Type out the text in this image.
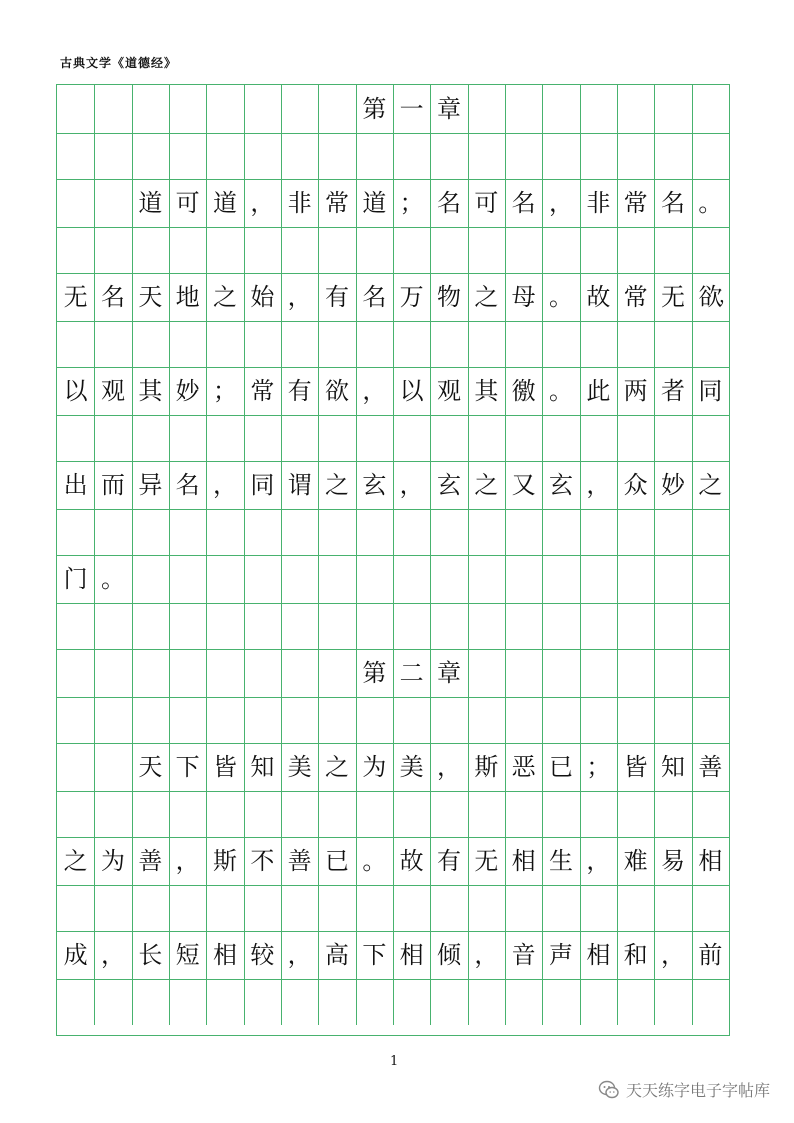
古典文学《道德经》
第 一 章
道 可 道 ， 非 常 道 ； 名 可 名 ， 非 常 名 。
无 名 天 地 之 始 ， 有 名 万 物 之 母 。 故 常 无 欲
，
以 观 其 妙 ； 常 有 欲 ， 以 观 其 徼 。 此 两 者 同
出 而 异 名 ， 同 谓 之 玄 ， 玄 之 又 玄 ， 众 妙 之
门 。
第 二 章
天 下 皆 知 美 之 为 美 ， 斯 恶 已 ； 皆 知 善
之 为 善 ， 斯 不 善 已 。 故 有 无 相 生 ， 难 易 相
成 ， 长 短 相 较 ， 高 下 相 倾 ， 音 声 相 和 ， 前
1
天天练字电子字帖库
